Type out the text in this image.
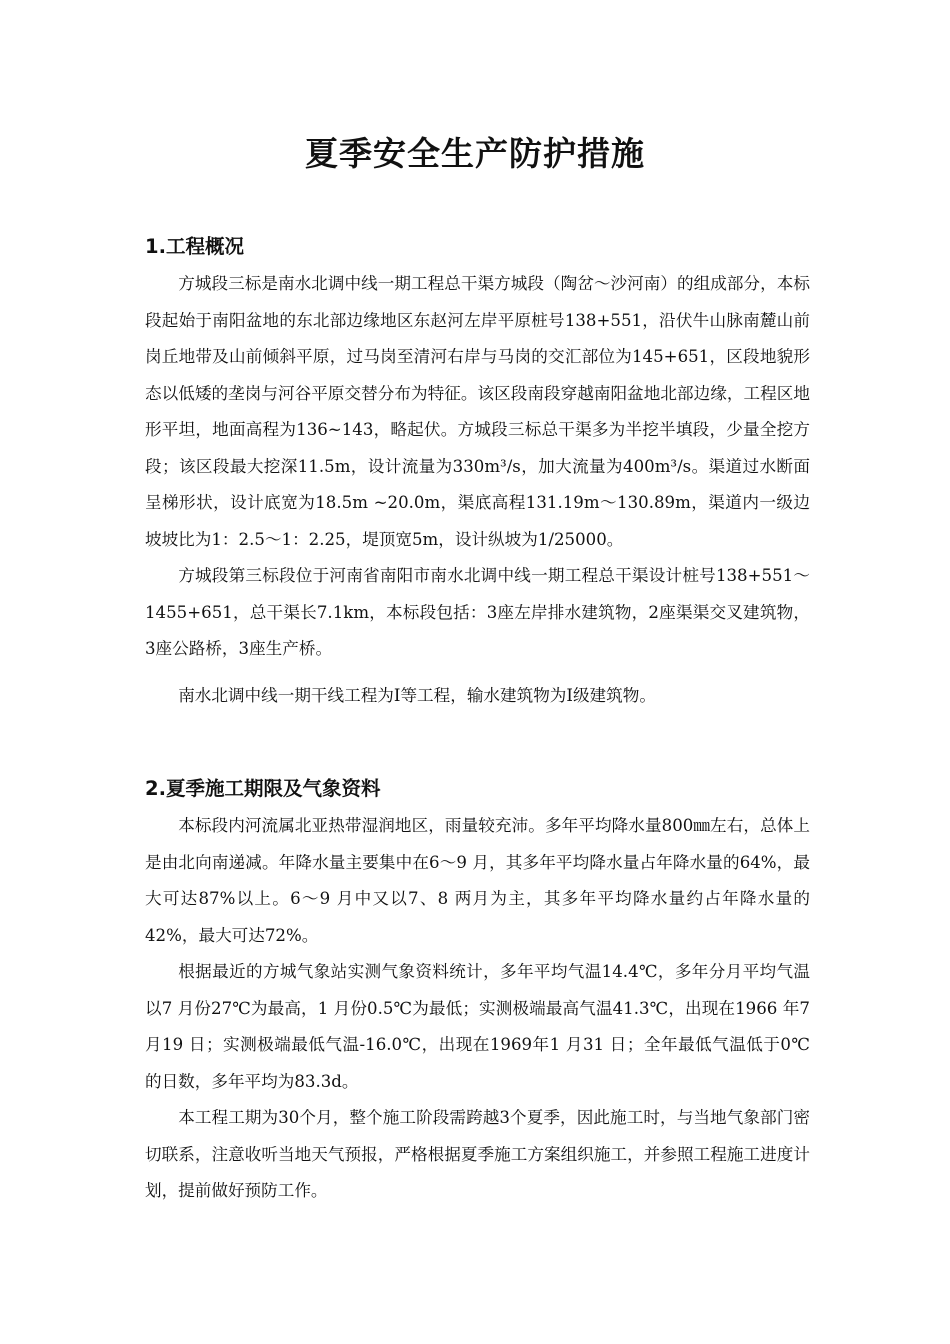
夏季安全生产防护措施
1.工程概况

方城段三标是南水北调中线一期工程总干渠方城段（陶岔～沙河南）的组成部分，本标段起始于南阳盆地的东北部边缘地区东赵河左岸平原桩号138+551，沿伏牛山脉南麓山前岗丘地带及山前倾斜平原，过马岗至清河右岸与马岗的交汇部位为145+651，区段地貌形态以低矮的垄岗与河谷平原交替分布为特征。该区段南段穿越南阳盆地北部边缘，工程区地形平坦，地面高程为136~143，略起伏。方城段三标总干渠多为半挖半填段，少量全挖方段；该区段最大挖深11.5m，设计流量为330m³/s，加大流量为400m³/s。渠道过水断面呈梯形状，设计底宽为18.5m ~20.0m，渠底高程131.19m～130.89m，渠道内一级边坡坡比为1：2.5～1：2.25，堤顶宽5m，设计纵坡为1/25000。

方城段第三标段位于河南省南阳市南水北调中线一期工程总干渠设计桩号138+551～1455+651，总干渠长7.1km，本标段包括：3座左岸排水建筑物，2座渠渠交叉建筑物，3座公路桥，3座生产桥。

南水北调中线一期干线工程为Ⅰ等工程，输水建筑物为Ⅰ级建筑物。

2.夏季施工期限及气象资料

本标段内河流属北亚热带湿润地区，雨量较充沛。多年平均降水量800㎜左右，总体上是由北向南递减。年降水量主要集中在6～9 月，其多年平均降水量占年降水量的64%，最大可达87%以上。6～9 月中又以7、8 两月为主，其多年平均降水量约占年降水量的42%，最大可达72%。

根据最近的方城气象站实测气象资料统计，多年平均气温14.4℃，多年分月平均气温以7 月份27℃为最高，1 月份0.5℃为最低；实测极端最高气温41.3℃，出现在1966 年7 月19 日；实测极端最低气温-16.0℃，出现在1969年1 月31 日；全年最低气温低于0℃的日数，多年平均为83.3d。

本工程工期为30个月，整个施工阶段需跨越3个夏季，因此施工时，与当地气象部门密切联系，注意收听当地天气预报，严格根据夏季施工方案组织施工，并参照工程施工进度计划，提前做好预防工作。
